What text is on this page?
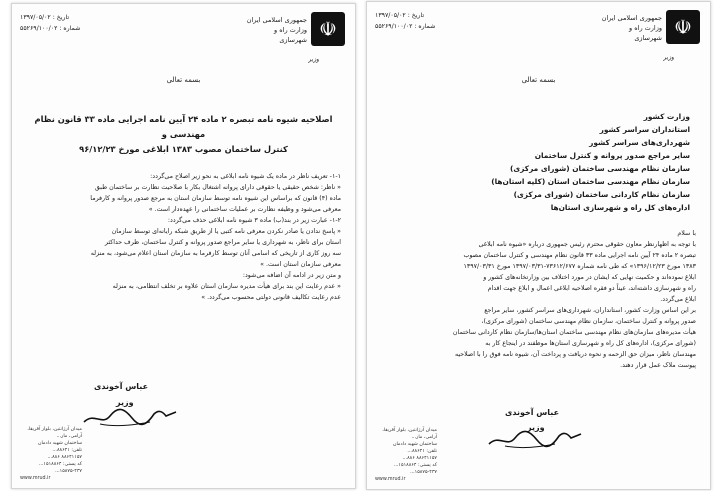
تاریخ : ۱۳۹۷/۰۵/۰۲
شماره : ۵۵۲۶۹/۱۰۰/۰۲	☫
جمهوری اسلامی ایران
وزارت راه و شهرسازی
وزیر
بسمه تعالی
اصلاحیه شیوه نامه تبصره ۲ ماده ۲۴ آیین نامه اجرایی ماده ۳۳ قانون نظام مهندسی و
کنترل ساختمان مصوب ۱۳۸۳ ابلاغی مورخ ۹۶/۱۲/۲۳
۱-۱- تعریف ناظر در ماده یک شیوه نامه ابلاغی به نحو زیر اصلاح می‌گردد:
« ناظر: شخص حقیقی یا حقوقی دارای پروانه اشتغال بکار با صلاحیت نظارت بر ساختمان طبق
ماده (۴) قانون که براساس این شیوه نامه توسط سازمان استان به مرجع صدور پروانه و کارفرما
معرفی می‌شود و وظیفه نظارت بر عملیات ساختمانی را عهده‌دار است. »
۱-۲- عبارت زیر در بند(ب) ماده ۳ شیوه نامه ابلاغی حذف می‌گردد:
« پاسخ ندادن یا صادر نکردن معرفی نامه کتبی یا از طریق شبکه رایانه‌ای توسط سازمان
استان برای ناظر، به شهرداری یا سایر مراجع صدور پروانه و کنترل ساختمان، ظرف حداکثر
سه روز کاری از تاریخی که اسامی آنان توسط کارفرما به سازمان استان اعلام می‌شود، به منزله
معرفی سازمان استان است. »
و متن زیر در ادامه آن اضافه می‌شود:
« عدم رعایت این بند برای هیأت مدیره سازمان استان علاوه بر تخلف انتظامی، به منزله
عدم رعایت تکالیف قانونی دولتی محسوب می‌گردد. »
عباس آخوندی
وزیر
میدان آرژانتین، بلوار آفریقا،
آرامی، مار...
ساختمان شهید دادمان
تلفن: ۸۸۶۴۱...
۸۸۶۴۱۱۵۷ ۸۸۶...
کد پستی: ۱۵۱۸۸۶۴...
۱۵۸۷۵-۴۳۷...
www.mrud.ir
تاریخ : ۱۳۹۷/۰۵/۰۲
شماره : ۵۵۲۶۹/۱۰۰/۰۲	☫
جمهوری اسلامی ایران
وزارت راه و شهرسازی
وزیر
بسمه تعالی
وزارت کشور
استانداران سراسر کشور
شهرداری‌های سراسر کشور
سایر مراجع صدور پروانه و کنترل ساختمان
سازمان نظام مهندسی ساختمان (شورای مرکزی)
سازمان نظام مهندسی ساختمان استان (کلیه استان‌ها)
سازمان نظام کاردانی ساختمان (شورای مرکزی)
اداره‌های کل راه و شهرسازی استان‌ها
با سلام
با توجه به اظهارنظر معاون حقوقی محترم رئیس جمهوری درباره «شیوه نامه ابلاغی
تبصره ۲ ماده ۲۴ آیین نامه اجرایی ماده ۳۳ قانون نظام مهندسی و کنترل ساختمان مصوب
۱۳۸۳ مورخ ۱۳۹۶/۱۲/۲۳» که طی نامه شماره ۷۳۶۱۲/۶۷۷-۱۳۹۷/۰۳/۳۱ مورخ ۱۳۹۷/۰۳/۳۱
ابلاغ نموده‌اند و حکمیت نهایی که ایشان در مورد اختلاف بین وزارتخانه‌های کشور و
راه و شهرسازی داشته‌اند، عیناً دو فقره اصلاحیه ابلاغی اعمال و ابلاغ جهت اقدام
ابلاغ می‌گردد.
بر این اساس وزارت کشور، استانداران، شهرداری‌های سراسر کشور، سایر مراجع
صدور پروانه و کنترل ساختمان، سازمان نظام مهندسی ساختمان (شورای مرکزی)،
هیأت مدیره‌های سازمان‌های نظام مهندسی ساختمان استان‌ها/سازمان نظام کاردانی ساختمان
(شورای مرکزی)، اداره‌های کل راه و شهرسازی استان‌ها موظفند در اینجاع کار به
مهندسان ناظر، میزان حق الزحمه و نحوه دریافت و پرداخت آن، شیوه نامه فوق را با اصلاحیه
پیوست ملاک عمل قرار دهند.
عباس آخوندی
وزیر
میدان آرژانتین، بلوار آفریقا،
آرامی، مار...
ساختمان شهید دادمان
تلفن: ۸۸۶۴۱...
۸۸۶۴۱۱۵۷ ۸۸۶...
کد پستی: ۱۵۱۸۸۶۴...
۱۵۸۷۵-۴۳۷...
www.mrud.ir
